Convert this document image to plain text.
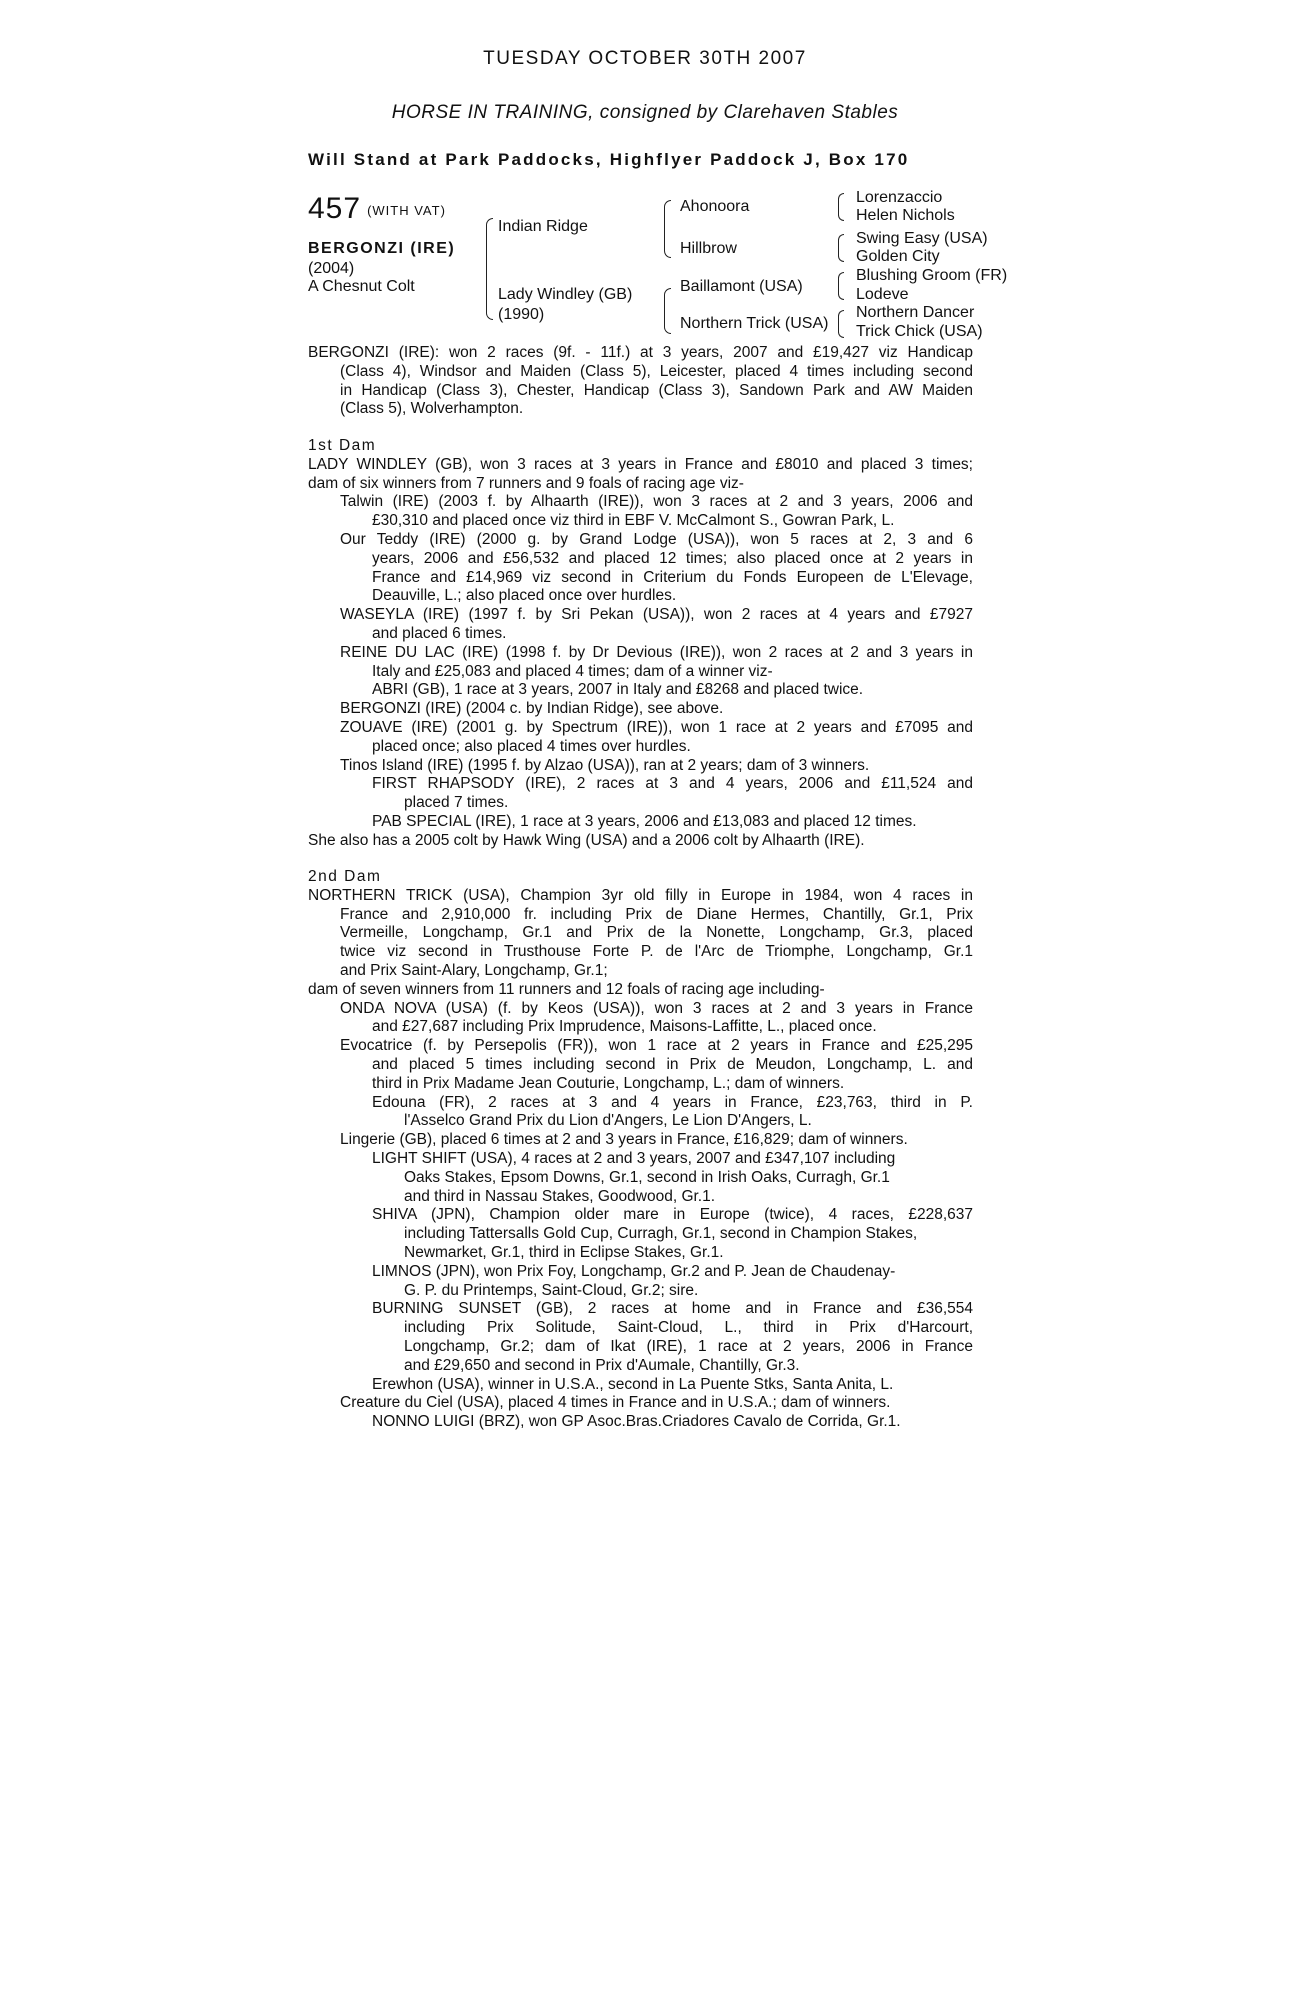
TUESDAY OCTOBER 30TH 2007
HORSE IN TRAINING, consigned by Clarehaven Stables
Will Stand at Park Paddocks, Highflyer Paddock J, Box 170
457 (WITH VAT)
BERGONZI (IRE)
(2004)
A Chesnut Colt
Indian Ridge
Lady Windley (GB)
(1990)
Ahonoora
Hillbrow
Baillamont (USA)
Northern Trick (USA)
Lorenzaccio
Helen Nichols
Swing Easy (USA)
Golden City
Blushing Groom (FR)
Lodeve
Northern Dancer
Trick Chick (USA)
BERGONZI (IRE): won 2 races (9f. - 11f.) at 3 years, 2007 and £19,427 viz Handicap
(Class 4), Windsor and Maiden (Class 5), Leicester, placed 4 times including second
in Handicap (Class 3), Chester, Handicap (Class 3), Sandown Park and AW Maiden
(Class 5), Wolverhampton.
1st Dam
LADY WINDLEY (GB), won 3 races at 3 years in France and £8010 and placed 3 times;
dam of six winners from 7 runners and 9 foals of racing age viz-
Talwin (IRE) (2003 f. by Alhaarth (IRE)), won 3 races at 2 and 3 years, 2006 and
£30,310 and placed once viz third in EBF V. McCalmont S., Gowran Park, L.
Our Teddy (IRE) (2000 g. by Grand Lodge (USA)), won 5 races at 2, 3 and 6
years, 2006 and £56,532 and placed 12 times; also placed once at 2 years in
France and £14,969 viz second in Criterium du Fonds Europeen de L'Elevage,
Deauville, L.; also placed once over hurdles.
WASEYLA (IRE) (1997 f. by Sri Pekan (USA)), won 2 races at 4 years and £7927
and placed 6 times.
REINE DU LAC (IRE) (1998 f. by Dr Devious (IRE)), won 2 races at 2 and 3 years in
Italy and £25,083 and placed 4 times; dam of a winner viz-
ABRI (GB), 1 race at 3 years, 2007 in Italy and £8268 and placed twice.
BERGONZI (IRE) (2004 c. by Indian Ridge), see above.
ZOUAVE (IRE) (2001 g. by Spectrum (IRE)), won 1 race at 2 years and £7095 and
placed once; also placed 4 times over hurdles.
Tinos Island (IRE) (1995 f. by Alzao (USA)), ran at 2 years; dam of 3 winners.
FIRST RHAPSODY (IRE), 2 races at 3 and 4 years, 2006 and £11,524 and
placed 7 times.
PAB SPECIAL (IRE), 1 race at 3 years, 2006 and £13,083 and placed 12 times.
She also has a 2005 colt by Hawk Wing (USA) and a 2006 colt by Alhaarth (IRE).
2nd Dam
NORTHERN TRICK (USA), Champion 3yr old filly in Europe in 1984, won 4 races in
France and 2,910,000 fr. including Prix de Diane Hermes, Chantilly, Gr.1, Prix
Vermeille, Longchamp, Gr.1 and Prix de la Nonette, Longchamp, Gr.3, placed
twice viz second in Trusthouse Forte P. de l'Arc de Triomphe, Longchamp, Gr.1
and Prix Saint-Alary, Longchamp, Gr.1;
dam of seven winners from 11 runners and 12 foals of racing age including-
ONDA NOVA (USA) (f. by Keos (USA)), won 3 races at 2 and 3 years in France
and £27,687 including Prix Imprudence, Maisons-Laffitte, L., placed once.
Evocatrice (f. by Persepolis (FR)), won 1 race at 2 years in France and £25,295
and placed 5 times including second in Prix de Meudon, Longchamp, L. and
third in Prix Madame Jean Couturie, Longchamp, L.; dam of winners.
Edouna (FR), 2 races at 3 and 4 years in France, £23,763, third in P.
l'Asselco Grand Prix du Lion d'Angers, Le Lion D'Angers, L.
Lingerie (GB), placed 6 times at 2 and 3 years in France, £16,829; dam of winners.
LIGHT SHIFT (USA), 4 races at 2 and 3 years, 2007 and £347,107 including
Oaks Stakes, Epsom Downs, Gr.1, second in Irish Oaks, Curragh, Gr.1
and third in Nassau Stakes, Goodwood, Gr.1.
SHIVA (JPN), Champion older mare in Europe (twice), 4 races, £228,637
including Tattersalls Gold Cup, Curragh, Gr.1, second in Champion Stakes,
Newmarket, Gr.1, third in Eclipse Stakes, Gr.1.
LIMNOS (JPN), won Prix Foy, Longchamp, Gr.2 and P. Jean de Chaudenay-
G. P. du Printemps, Saint-Cloud, Gr.2; sire.
BURNING SUNSET (GB), 2 races at home and in France and £36,554
including Prix Solitude, Saint-Cloud, L., third in Prix d'Harcourt,
Longchamp, Gr.2; dam of Ikat (IRE), 1 race at 2 years, 2006 in France
and £29,650 and second in Prix d'Aumale, Chantilly, Gr.3.
Erewhon (USA), winner in U.S.A., second in La Puente Stks, Santa Anita, L.
Creature du Ciel (USA), placed 4 times in France and in U.S.A.; dam of winners.
NONNO LUIGI (BRZ), won GP Asoc.Bras.Criadores Cavalo de Corrida, Gr.1.
